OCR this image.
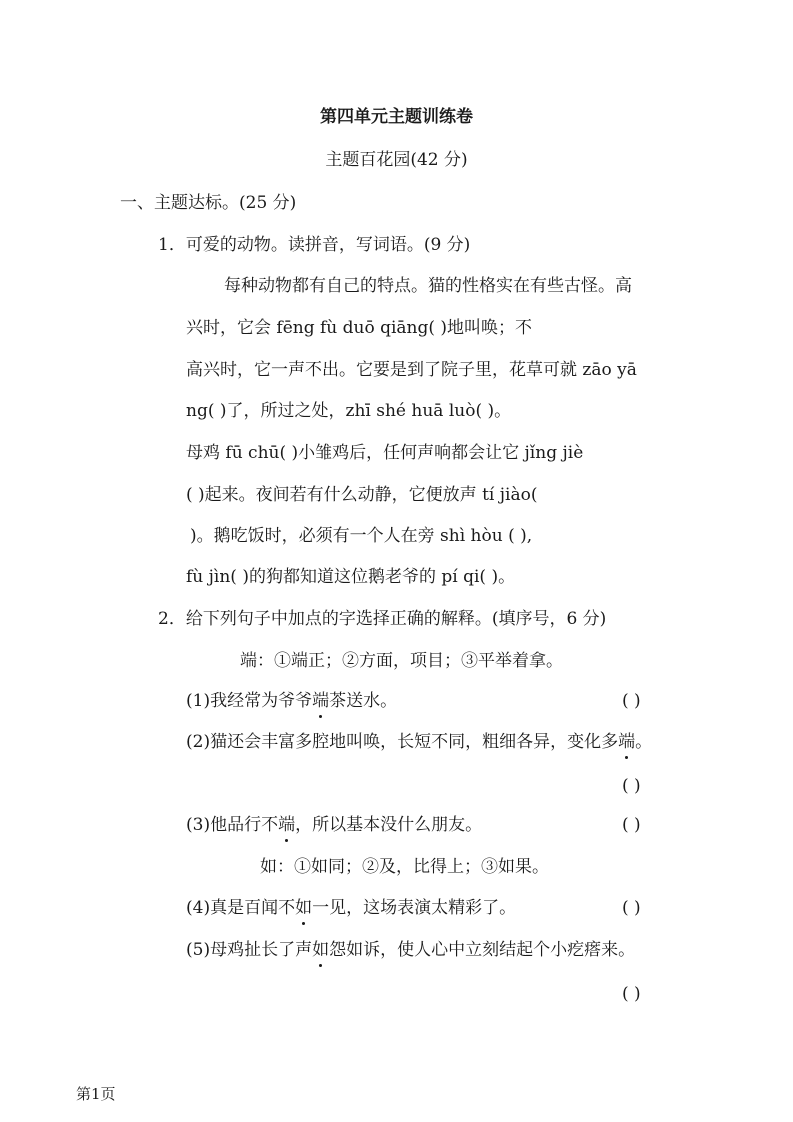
第四单元主题训练卷
主题百花园(42 分)
一、主题达标。(25 分)
1．可爱的动物。读拼音，写词语。(9 分)
每种动物都有自己的特点。猫的性格实在有些古怪。高
兴时，它会 fēng fù duō qiāng( )地叫唤；不
高兴时，它一声不出。它要是到了院子里，花草可就 zāo yā
ng( )了，所过之处，zhī shé huā luò( )。
母鸡 fū chū( )小雏鸡后，任何声响都会让它 jǐng jiè
( )起来。夜间若有什么动静，它便放声 tí jiào(
)。鹅吃饭时，必须有一个人在旁 shì hòu ( ),
fù jìn( )的狗都知道这位鹅老爷的 pí qi( )。
2．给下列句子中加点的字选择正确的解释。(填序号，6 分)
端：①端正；②方面，项目；③平举着拿。
(1)我经常为爷爷端茶送水。	( )
(2)猫还会丰富多腔地叫唤，长短不同，粗细各异，变化多端。
( )
(3)他品行不端，所以基本没什么朋友。	( )
如：①如同；②及，比得上；③如果。
(4)真是百闻不如一见，这场表演太精彩了。	( )
(5)母鸡扯长了声如怨如诉，使人心中立刻结起个小疙瘩来。
( )
第1页
